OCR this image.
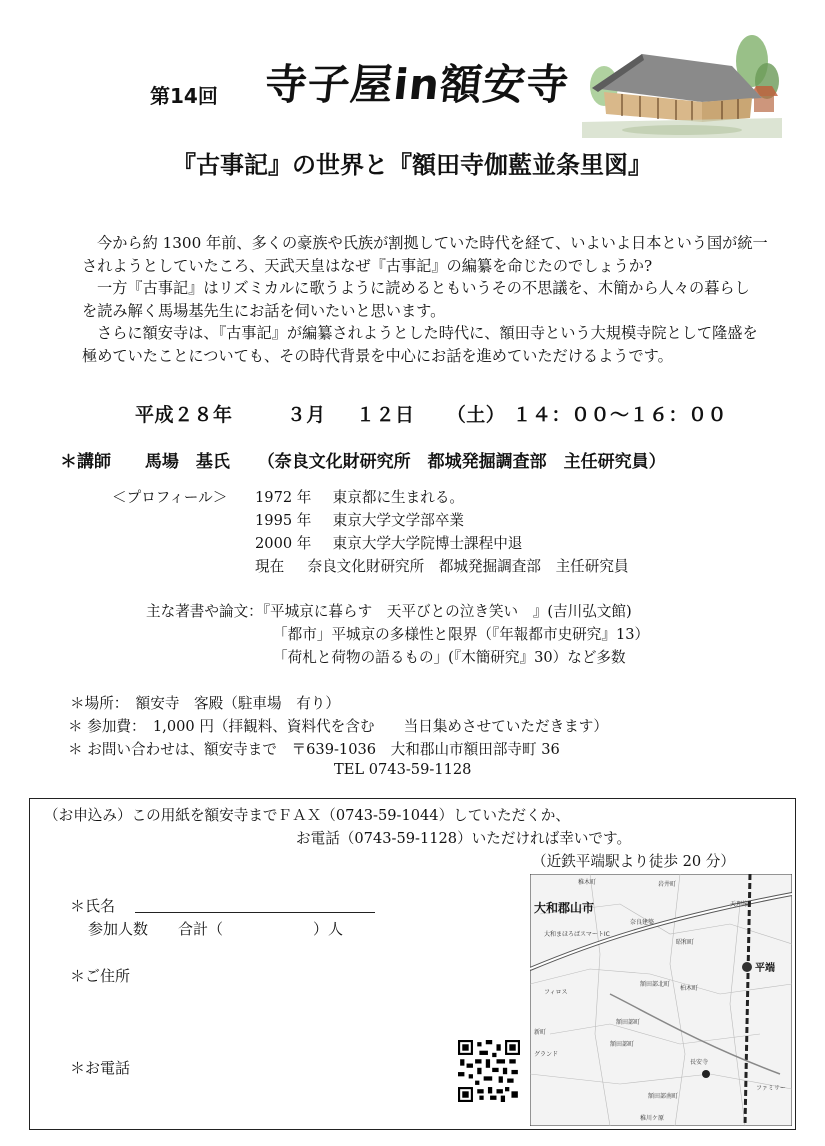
第14回 寺子屋in額安寺
『古事記』の世界と『額田寺伽藍並条里図』
今から約 1300 年前、多くの豪族や氏族が割拠していた時代を経て、いよいよ日本という国が統一
されようとしていたころ、天武天皇はなぜ『古事記』の編纂を命じたのでしょうか?
一方『古事記』はリズミカルに歌うように読めるともいうその不思議を、木簡から人々の暮らし
を読み解く馬場基先生にお話を伺いたいと思います。
さらに額安寺は、『古事記』が編纂されようとした時代に、額田寺という大規模寺院として隆盛を
極めていたことについても、その時代背景を中心にお話を進めていただけるようです。
平成２８年	３月 １２日 （土） １４：００〜１６：００
＊講師 馬場　基氏 （奈良文化財研究所　都城発掘調査部　主任研究員）
＜プロフィール＞ 1972 年 東京都に生まれる。
1995 年 東京大学文学部卒業
2000 年 東京大学大学院博士課程中退
現在 奈良文化財研究所　都城発掘調査部　主任研究員
主な著書や論文：『平城京に暮らす　天平びとの泣き笑い　』(吉川弘文館)
「都市」平城京の多様性と限界（『年報都市史研究』13）
「荷札と荷物の語るもの」(『木簡研究』30）など多数
＊場所：　額安寺　客殿（駐車場　有り）
＊ 参加費：　1,000 円（拝観料、資料代を含む　　当日集めさせていただきます）
＊ お問い合わせは、額安寺まで　〒639-1036　大和郡山市額田部寺町 36
TEL 0743-59-1128
（お申込み）この用紙を額安寺までＦＡＸ（0743-59-1044）していただくか、
お電話（0743-59-1128）いただければ幸いです。
（近鉄平端駅より徒歩 20 分）
＊氏名
参加人数　　合計（　　　　　　）人
＊ご住所
＊お電話
大和郡山市
平端
稚木町	岩井町
天理線
奈良建築
額田部北町
額田部町
柏木町
長安寺
昭和町
新町
ファミリー
グランド
フィロス
大和まほろばスマートIC
額田部町
額田部南町
稚川ケ原
